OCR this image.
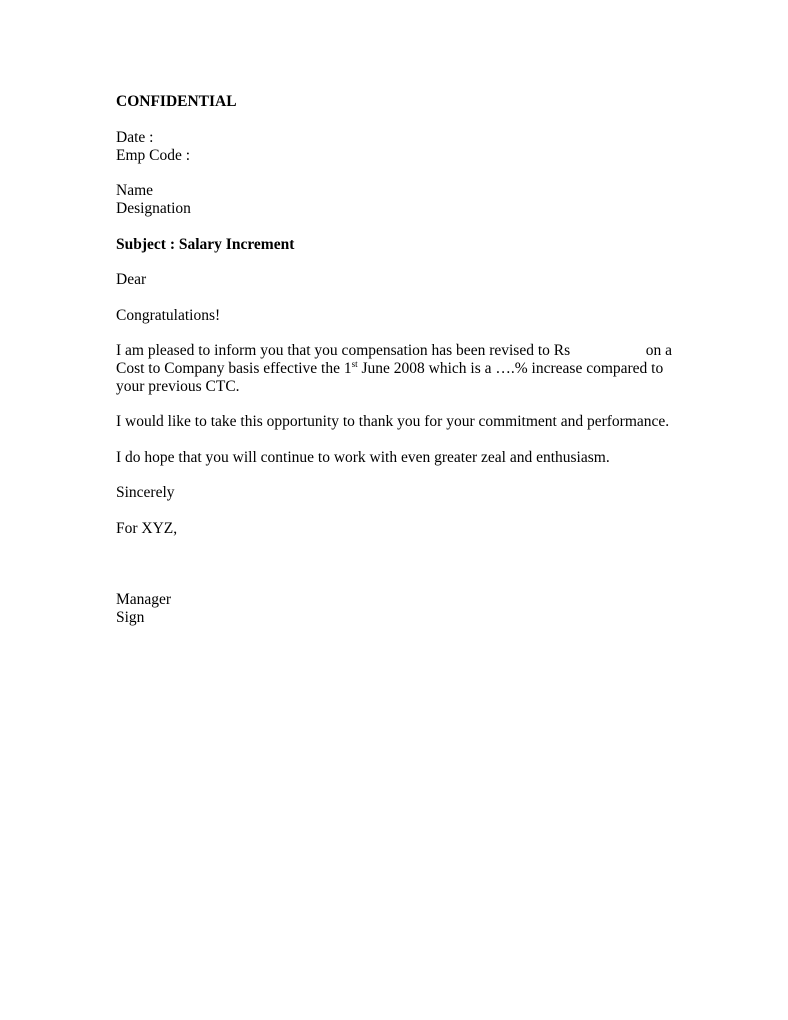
CONFIDENTIAL
Date :
Emp Code :
Name
Designation
Subject : Salary Increment
Dear
Congratulations!
I am pleased to inform you that you compensation has been revised to Rs	on a
Cost to Company basis effective the 1st June 2008 which is a ….% increase compared to
your previous CTC.
I would like to take this opportunity to thank you for your commitment and performance.
I do hope that you will continue to work with even greater zeal and enthusiasm.
Sincerely
For XYZ,
Manager
Sign
